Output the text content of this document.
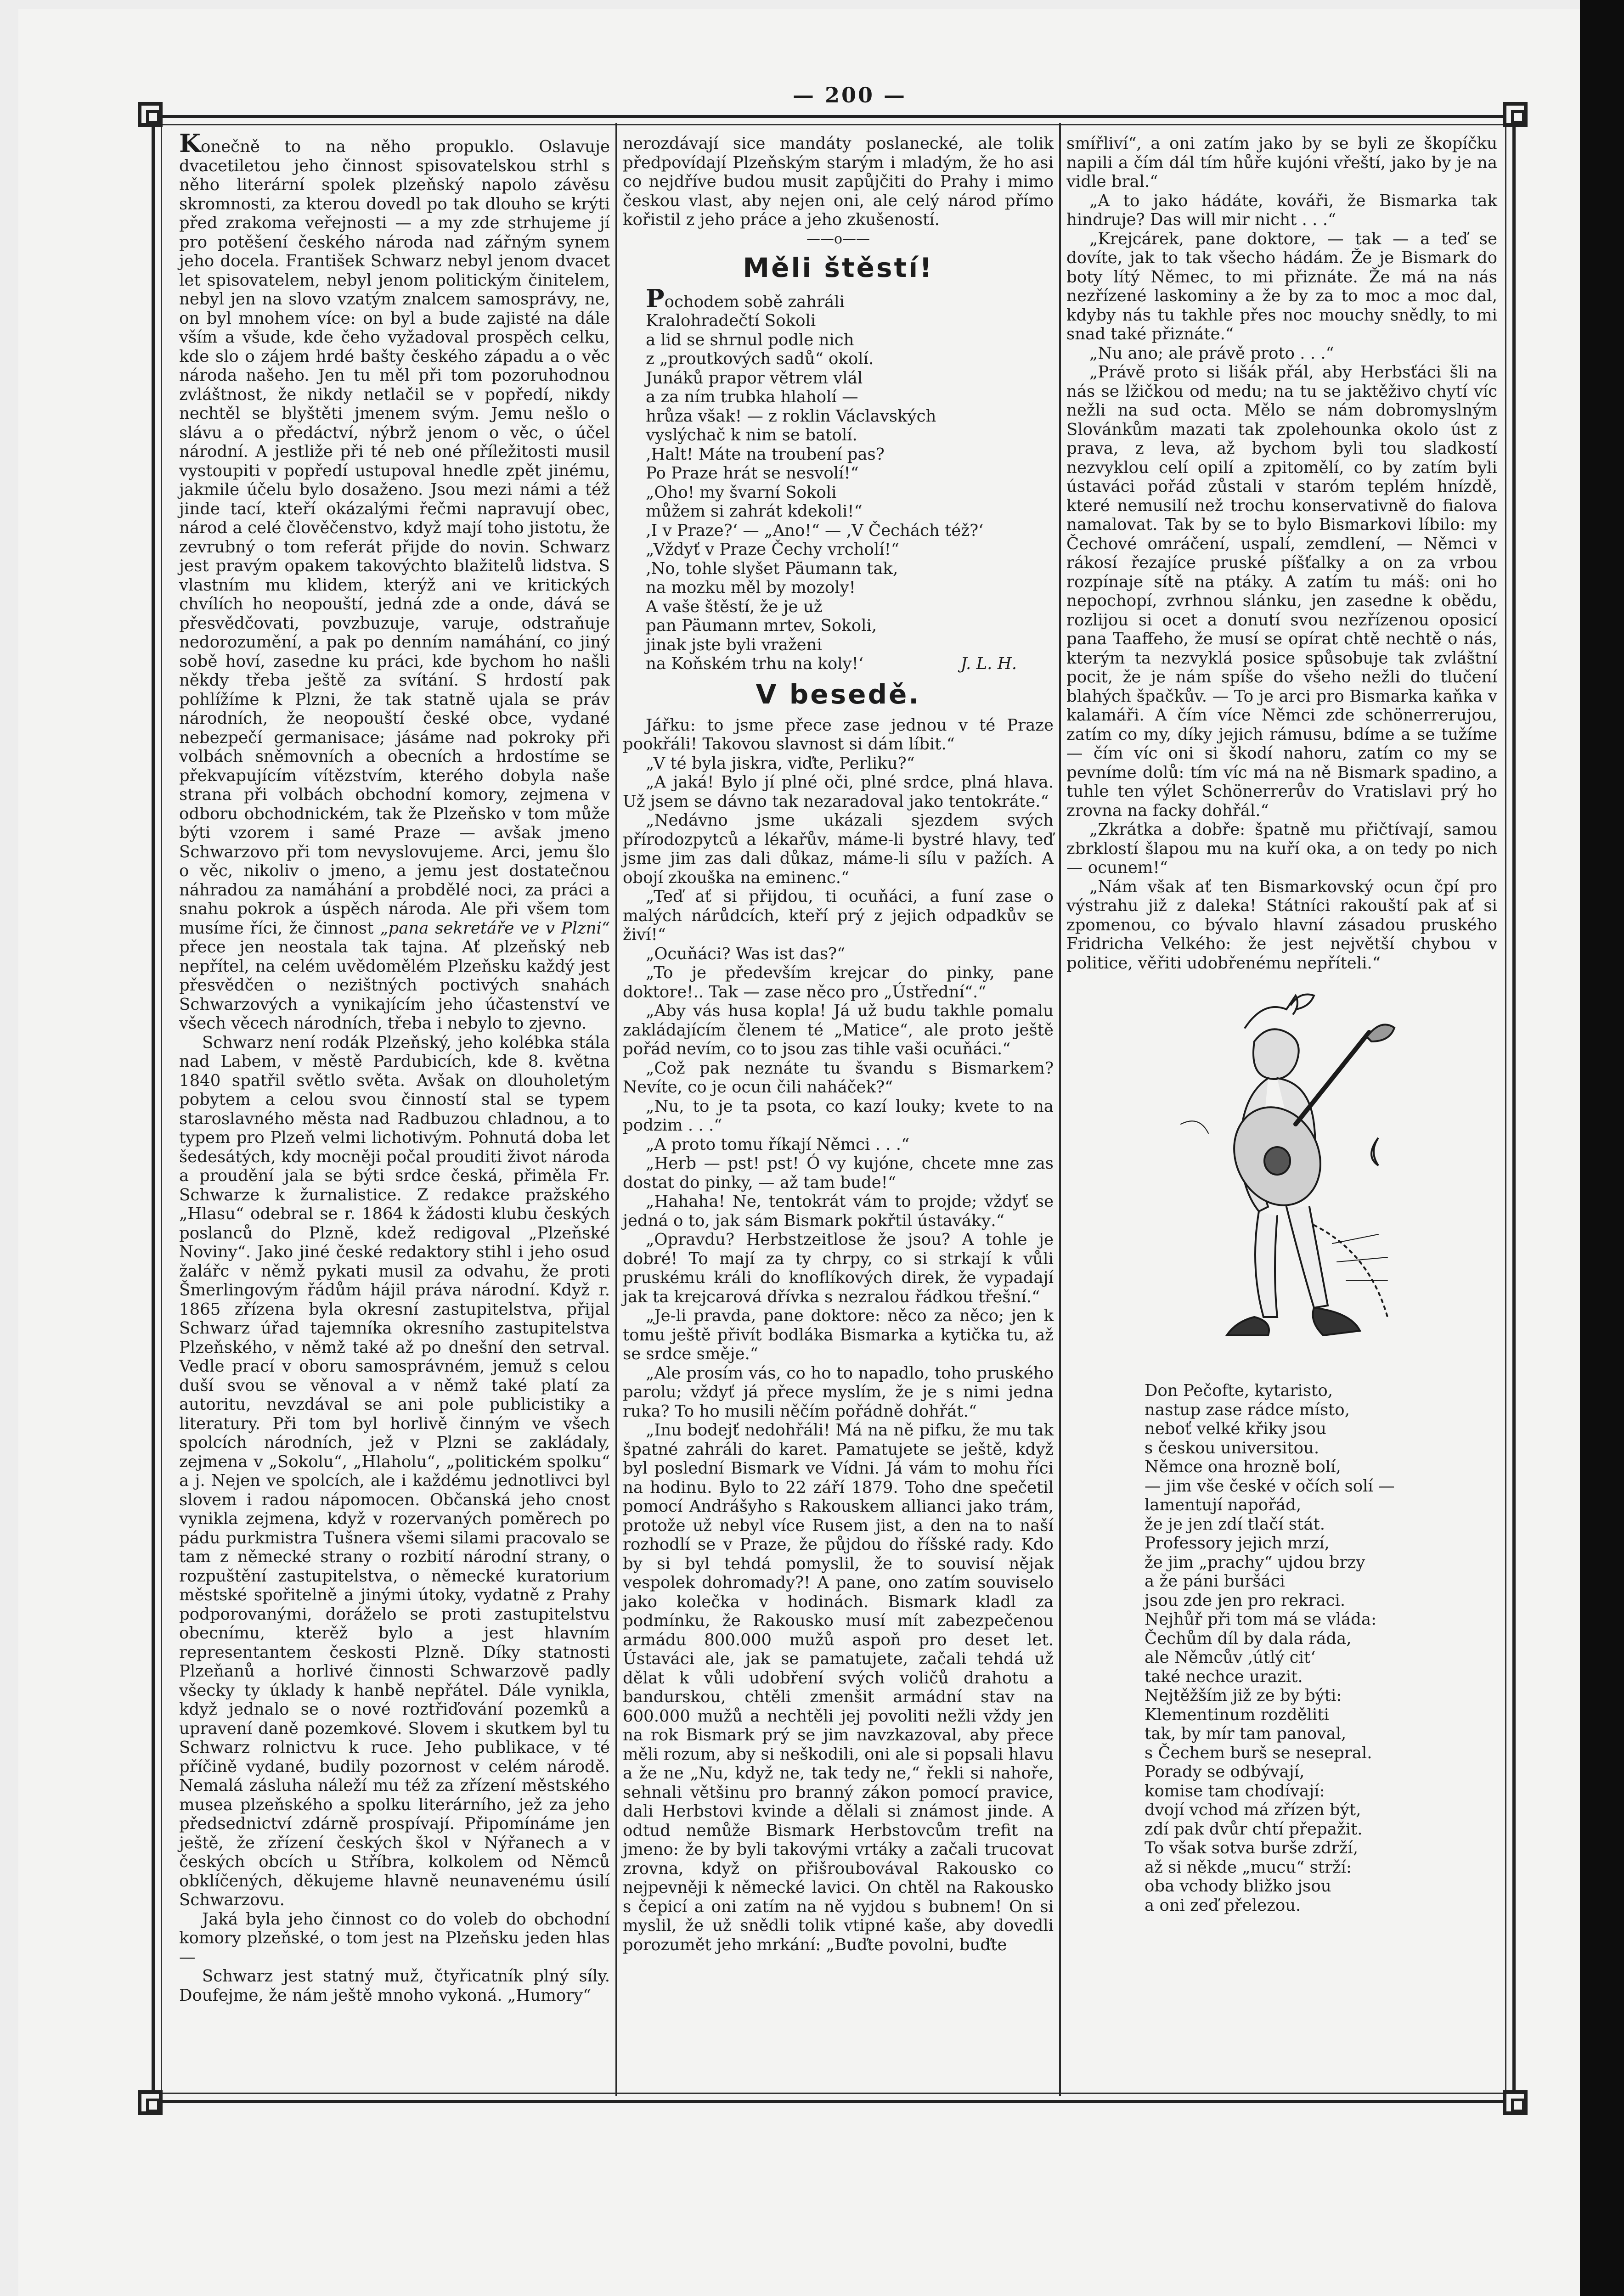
— 200 —

Konečně to na něho propuklo. Oslavuje dvacetiletou jeho činnost spisovatelskou strhl s něho literární spolek plzeňský napolo závěsu skromnosti, za kterou dovedl po tak dlouho se krýti před zrakoma veřejnosti — a my zde strhujeme jí pro potěšení českého národa nad zářným synem jeho docela. František Schwarz nebyl jenom dvacet let spisovatelem, nebyl jenom politickým činitelem, nebyl jen na slovo vzatým znalcem samosprávy, ne, on byl mnohem více: on byl a bude zajisté na dále vším a všude, kde čeho vyžadoval prospěch celku, kde slo o zájem hrdé bašty českého západu a o věc národa našeho. Jen tu měl při tom pozoruhodnou zvláštnost, že nikdy netlačil se v popředí, nikdy nechtěl se blyštěti jmenem svým. Jemu nešlo o slávu a o předáctví, nýbrž jenom o věc, o účel národní. A jestliže při té neb oné příležitosti musil vystoupiti v popředí ustupoval hnedle zpět jinému, jakmile účelu bylo dosaženo. Jsou mezi námi a též jinde tací, kteří okázalými řečmi napravují obec, národ a celé člověčenstvo, když mají toho jistotu, že zevrubný o tom referát přijde do novin. Schwarz jest pravým opakem takovýchto blažitelů lidstva. S vlastním mu klidem, kterýž ani ve kritických chvílích ho neopouští, jedná zde a onde, dává se přesvědčovati, povzbuzuje, varuje, odstraňuje nedorozumění, a pak po denním namáhání, co jiný sobě hoví, zasedne ku práci, kde bychom ho našli někdy třeba ještě za svítání. S hrdostí pak pohlížíme k Plzni, že tak statně ujala se práv národních, že neopouští české obce, vydané nebezpečí germanisace; jásáme nad pokroky při volbách sněmovních a obecních a hrdostíme se překvapujícím vítězstvím, kterého dobyla naše strana při volbách obchodní komory, zejmena v odboru obchodnickém, tak že Plzeňsko v tom může býti vzorem i samé Praze — avšak jmeno Schwarzovo při tom nevyslovujeme. Arci, jemu šlo o věc, nikoliv o jmeno, a jemu jest dostatečnou náhradou za namáhání a probdělé noci, za práci a snahu pokrok a úspěch národa. Ale při všem tom musíme říci, že činnost „pana sekretáře ve v Plzni“ přece jen neostala tak tajna. Ať plzeňský neb nepřítel, na celém uvědomělém Plzeňsku každý jest přesvědčen o nezištných poctivých snahách Schwarzových a vynikajícím jeho účastenství ve všech věcech národních, třeba i nebylo to zjevno.

Schwarz není rodák Plzeňský, jeho kolébka stála nad Labem, v městě Pardubicích, kde 8. května 1840 spatřil světlo světa. Avšak on dlouholetým pobytem a celou svou činností stal se typem staroslavného města nad Radbuzou chladnou, a to typem pro Plzeň velmi lichotivým. Pohnutá doba let šedesátých, kdy mocněji počal prouditi život národa a proudění jala se býti srdce česká, přiměla Fr. Schwarze k žurnalistice. Z redakce pražského „Hlasu“ odebral se r. 1864 k žádosti klubu českých poslanců do Plzně, kdež redigoval „Plzeňské Noviny“. Jako jiné české redaktory stihl i jeho osud žalářc v němž pykati musil za odvahu, že proti Šmerlingovým řádům hájil práva národní. Když r. 1865 zřízena byla okresní zastupitelstva, přijal Schwarz úřad tajemníka okresního zastupitelstva Plzeňského, v němž také až po dnešní den setrval. Vedle prací v oboru samosprávném, jemuž s celou duší svou se věnoval a v němž také platí za autoritu, nevzdával se ani pole publicistiky a literatury. Při tom byl horlivě činným ve všech spolcích národních, jež v Plzni se zakládaly, zejmena v „Sokolu“, „Hlaholu“, „politickém spolku“ a j. Nejen ve spolcích, ale i každému jednotlivci byl slovem i radou nápomocen. Občanská jeho cnost vynikla zejmena, když v rozervaných poměrech po pádu purkmistra Tušnera všemi silami pracovalo se tam z německé strany o rozbití národní strany, o rozpuštění zastupitelstva, o německé kuratorium městské spořitelně a jinými útoky, vydatně z Prahy podporovanými, doráželo se proti zastupitelstvu obecnímu, kterěž bylo a jest hlavním representantem českosti Plzně. Díky statnosti Plzeňanů a horlivé činnosti Schwarzově padly všecky ty úklady k hanbě nepřátel. Dále vynikla, když jednalo se o nové roztřiďování pozemků a upravení daně pozemkové. Slovem i skutkem byl tu Schwarz rolnictvu k ruce. Jeho publikace, v té příčině vydané, budily pozornost v celém národě. Nemalá zásluha náleží mu též za zřízení městského musea plzeňského a spolku literárního, jež za jeho předsednictví zdárně prospívají. Připomínáme jen ještě, že zřízení českých škol v Nýřanech a v českých obcích u Stříbra, kolkolem od Němců obklíčených, děkujeme hlavně neunavenému úsilí Schwarzovu.

Jaká byla jeho činnost co do voleb do obchodní komory plzeňské, o tom jest na Plzeňsku jeden hlas —

Schwarz jest statný muž, čtyřicatník plný síly. Doufejme, že nám ještě mnoho vykoná. „Humory“

nerozdávají sice mandáty poslanecké, ale tolik předpovídají Plzeňským starým i mladým, že ho asi co nejdříve budou musit zapůjčiti do Prahy i mimo českou vlast, aby nejen oni, ale celý národ přímo kořistil z jeho práce a jeho zkušeností.

——o——
Měli štěstí!
Pochodem sobě zahráli
Kralohradečtí Sokoli
a lid se shrnul podle nich
z „proutkových sadů“ okolí.
Junáků prapor větrem vlál
a za ním trubka hlaholí —
hrůza však! — z roklin Václavských
vyslýchač k nim se batolí.
‚Halt! Máte na troubení pas?
Po Praze hrát se nesvolí!“
„Oho! my švarní Sokoli
můžem si zahrát kdekoli!“
‚I v Praze?‘ — „Ano!“ — ‚V Čechách též?‘
„Vždyť v Praze Čechy vrcholí!“
‚No, tohle slyšet Päumann tak,
na mozku měl by mozoly!
A vaše štěstí, že je už
pan Päumann mrtev, Sokoli,
jinak jste byli vraženi
na Koňském trhu na koly!‘	J. L. H.
V besedě.

Jářku: to jsme přece zase jednou v té Praze pookřáli! Takovou slavnost si dám líbit.“

„V té byla jiskra, viďte, Perliku?“

„A jaká! Bylo jí plné oči, plné srdce, plná hlava. Už jsem se dávno tak nezaradoval jako tentokráte.“

„Nedávno jsme ukázali sjezdem svých přírodozpytců a lékařův, máme-li bystré hlavy, teď jsme jim zas dali důkaz, máme-li sílu v pažích. A obojí zkouška na eminenc.“

„Teď ať si přijdou, ti ocuňáci, a funí zase o malých nárůdcích, kteří prý z jejich odpadkův se živí!“

„Ocuňáci? Was ist das?“

„To je především krejcar do pinky, pane doktore!.. Tak — zase něco pro „Ústřední“.“

„Aby vás husa kopla! Já už budu takhle pomalu zakládajícím členem té „Matice“, ale proto ještě pořád nevím, co to jsou zas tihle vaši ocuňáci.“

„Což pak neznáte tu švandu s Bismarkem? Nevíte, co je ocun čili naháček?“

„Nu, to je ta psota, co kazí louky; kvete to na podzim . . .“

„A proto tomu říkají Němci . . .“

„Herb — pst! pst! Ó vy kujóne, chcete mne zas dostat do pinky, — až tam bude!“

„Hahaha! Ne, tentokrát vám to projde; vždyť se jedná o to, jak sám Bismark pokřtil ústavákу.“

„Opravdu? Herbstzeitlose že jsou? A tohle je dobré! To mají za ty chrpy, co si strkají k vůli pruskému králi do knoflíkových direk, že vypadají jak ta krejcarová dřívka s nezralou řádkou třešní.“

„Je-li pravda, pane doktore: něco za něco; jen k tomu ještě přivít bodláka Bismarka a kytička tu, až se srdce směje.“

„Ale prosím vás, co ho to napadlo, toho pruského parolu; vždyť já přece myslím, že je s nimi jedna ruka? To ho musili něčím pořádně dohřát.“

„Inu bodejť nedohřáli! Má na ně pifku, že mu tak špatné zahráli do karet. Pamatujete se ještě, když byl poslední Bismark ve Vídni. Já vám to mohu říci na hodinu. Bylo to 22 září 1879. Toho dne spečetil pomocí Andrášyho s Rakouskem allianci jako trám, protože už nebyl více Rusem jist, a den na to naší rozhodlí se v Praze, že půjdou do říšské rady. Kdo by si byl tehdá pomyslil, že to souvisí nějak vespolek dohromady?! A pane, ono zatím souviselo jako kolečka v hodinách. Bismark kladl za podmínku, že Rakousko musí mít zabezpečenou armádu 800.000 mužů aspoň pro deset let. Ústaváci ale, jak se pamatujete, začali tehdá už dělat k vůli udobření svých voličů drahotu a bandurskou, chtěli zmenšit armádní stav na 600.000 mužů a nechtěli jej povoliti nežli vždy jen na rok Bismark prý se jim navzkazoval, aby přece měli rozum, aby si neškodili, oni ale si popsali hlavu a že ne „Nu, když ne, tak tedy ne,“ řekli si nahoře, sehnali většinu pro branný zákon pomocí pravice, dali Herbstovi kvinde a dělali si známost jinde. A odtud nemůže Bismark Herbstovcům trefit na jmeno: že by byli takovými vrtáky a začali trucovat zrovna, když on přišroubovával Rakousko co nejpevněji k německé lavici. On chtěl na Rakousko s čepicí a oni zatím na ně vyjdou s bubnem! On si myslil, že už snědli tolik vtipné kaše, aby dovedli porozumět jeho mrkání: „Buďte povolni, buďte

smířliví“, a oni zatím jako by se byli ze škopíčku napili a čím dál tím hůře kujóni vřeští, jako by je na vidle bral.“

„A to jako hádáte, kováři, že Bismarka tak hindruje? Das will mir nicht . . .“

„Krejcárek, pane doktore, — tak — a teď se dovíte, jak to tak všecho hádám. Že je Bismark do boty lítý Němec, to mi přiznáte. Že má na nás nezřízené laskominy a že by za to moc a moc dal, kdyby nás tu takhle přes noc mouchy snědly, to mi snad také přiznáte.“

„Nu ano; ale právě proto . . .“

„Právě proto si lišák přál, aby Herbsťáci šli na nás se lžičkou od medu; na tu se jaktěživo chytí víc nežli na sud octa. Mělo se nám dobromyslným Slovánkům mazati tak zpolehounka okolo úst z prava, z leva, až bychom byli tou sladkostí nezvyklou celí opilí a zpitomělí, co by zatím byli ústaváci pořád zůstali v staróm teplém hnízdě, které nemusilí než trochu konservativně do fialova namalovat. Tak by se to bylo Bismarkovi líbilo: my Čechové omráčení, uspalí, zemdlení, — Němci v rákosí řezajíce pruské píšťalky a on za vrbou rozpínaje sítě na ptáky. A zatím tu máš: oni ho nepochopí, zvrhnou slánku, jen zasedne k obědu, rozlijou si ocet a donutí svou nezřízenou oposicí pana Taaffeho, že musí se opírat chtě nechtě o nás, kterým ta nezvyklá posice spůsobuje tak zvláštní pocit, že je nám spíše do všeho nežli do tlučení blahých špačkův. — To je arci pro Bismarka kaňka v kalamáři. A čím více Němci zde schönerrerujou, zatím co my, díky jejich rámusu, bdíme a se tužíme — čím víc oni si škodí nahoru, zatím co my se pevníme dolů: tím víc má na ně Bismark spadino, a tuhle ten výlet Schönerrerův do Vratislavi prý ho zrovna na facky dohřál.“

„Zkrátka a dobře: špatně mu přičtívají, samou zbrklostí šlapou mu na kuří oka, a on tedy po nich — ocunem!“

„Nám však ať ten Bismarkovský ocun čpí pro výstrahu již z daleka! Státníci rakouští pak ať si zpomenou, co bývalo hlavní zásadou pruského Fridricha Velkého: že jest největší chybou v politice, věřiti udobřenému nepříteli.“

Don Pečofte, kytaristo,
nastup zase rádce místo,
neboť velké křiky jsou
s českou universitou.
Němce ona hrozně bolí,
— jim vše české v očích solí —
lamentují napořád,
že je jen zdí tlačí stát.
Professory jejich mrzí,
že jim „prachy“ ujdou brzy
a že páni buršáci
jsou zde jen pro rekraci.
Nejhůř při tom má se vláda:
Čechům díl by dala ráda,
ale Němcův ‚útlý cit‘
také nechce urazit.
Nejtěžším již ze by býti:
Klementinum rozděliti
tak, by mír tam panoval,
s Čechem burš se nesepral.
Porady se odbývají,
komise tam chodívají:
dvojí vchod má zřízen být,
zdí pak dvůr chtí přepažit.
To však sotva burše zdrží,
až si někde „mucu“ strží:
oba vchody bližko jsou
a oni zeď přelezou.
